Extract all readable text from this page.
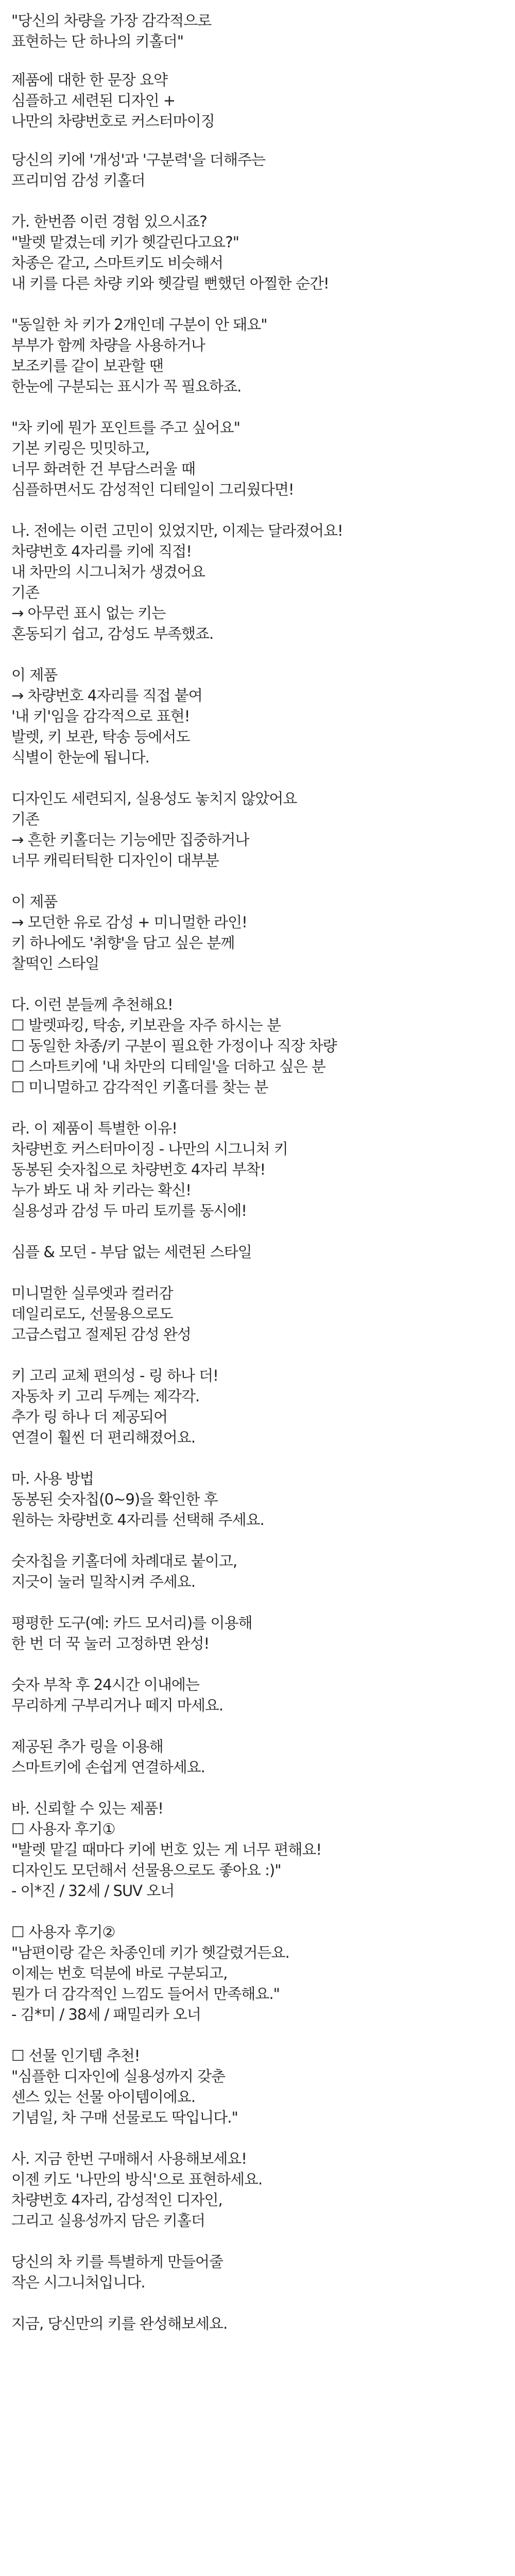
"당신의 차량을 가장 감각적으로
표현하는 단 하나의 키홀더"
제품에 대한 한 문장 요약
심플하고 세련된 디자인 +
나만의 차량번호로 커스터마이징
당신의 키에 '개성'과 '구분력'을 더해주는
프리미엄 감성 키홀더
가. 한번쯤 이런 경험 있으시죠?
"발렛 맡겼는데 키가 헷갈린다고요?"
차종은 같고, 스마트키도 비슷해서
내 키를 다른 차량 키와 헷갈릴 뻔했던 아찔한 순간!
"동일한 차 키가 2개인데 구분이 안 돼요"
부부가 함께 차량을 사용하거나
보조키를 같이 보관할 땐
한눈에 구분되는 표시가 꼭 필요하죠.
"차 키에 뭔가 포인트를 주고 싶어요"
기본 키링은 밋밋하고,
너무 화려한 건 부담스러울 때
심플하면서도 감성적인 디테일이 그리웠다면!
나. 전에는 이런 고민이 있었지만, 이제는 달라졌어요!
차량번호 4자리를 키에 직접!
내 차만의 시그니처가 생겼어요
기존
→ 아무런 표시 없는 키는
혼동되기 쉽고, 감성도 부족했죠.
이 제품
→ 차량번호 4자리를 직접 붙여
'내 키'임을 감각적으로 표현!
발렛, 키 보관, 탁송 등에서도
식별이 한눈에 됩니다.
디자인도 세련되지, 실용성도 놓치지 않았어요
기존
→ 흔한 키홀더는 기능에만 집중하거나
너무 캐릭터틱한 디자인이 대부분
이 제품
→ 모던한 유로 감성 + 미니멀한 라인!
키 하나에도 '취향'을 담고 싶은 분께
찰떡인 스타일
다. 이런 분들께 추천해요!
☐ 발렛파킹, 탁송, 키보관을 자주 하시는 분
☐ 동일한 차종/키 구분이 필요한 가정이나 직장 차량
☐ 스마트키에 '내 차만의 디테일'을 더하고 싶은 분
☐ 미니멀하고 감각적인 키홀더를 찾는 분
라. 이 제품이 특별한 이유!
차량번호 커스터마이징 - 나만의 시그니처 키
동봉된 숫자칩으로 차량번호 4자리 부착!
누가 봐도 내 차 키라는 확신!
실용성과 감성 두 마리 토끼를 동시에!
심플 & 모던 - 부담 없는 세련된 스타일
미니멀한 실루엣과 컬러감
데일리로도, 선물용으로도
고급스럽고 절제된 감성 완성
키 고리 교체 편의성 - 링 하나 더!
자동차 키 고리 두께는 제각각.
추가 링 하나 더 제공되어
연결이 훨씬 더 편리해졌어요.
마. 사용 방법
동봉된 숫자칩(0~9)을 확인한 후
원하는 차량번호 4자리를 선택해 주세요.
숫자칩을 키홀더에 차례대로 붙이고,
지긋이 눌러 밀착시켜 주세요.
평평한 도구(예: 카드 모서리)를 이용해
한 번 더 꾹 눌러 고정하면 완성!
숫자 부착 후 24시간 이내에는
무리하게 구부리거나 떼지 마세요.
제공된 추가 링을 이용해
스마트키에 손쉽게 연결하세요.
바. 신뢰할 수 있는 제품!
☐ 사용자 후기①
"발렛 맡길 때마다 키에 번호 있는 게 너무 편해요!
디자인도 모던해서 선물용으로도 좋아요 :)"
- 이*진 / 32세 / SUV 오너
☐ 사용자 후기②
"남편이랑 같은 차종인데 키가 헷갈렸거든요.
이제는 번호 덕분에 바로 구분되고,
뭔가 더 감각적인 느낌도 들어서 만족해요."
- 김*미 / 38세 / 패밀리카 오너
☐ 선물 인기템 추천!
"심플한 디자인에 실용성까지 갖춘
센스 있는 선물 아이템이에요.
기념일, 차 구매 선물로도 딱입니다."
사. 지금 한번 구매해서 사용해보세요!
이젠 키도 '나만의 방식'으로 표현하세요.
차량번호 4자리, 감성적인 디자인,
그리고 실용성까지 담은 키홀더
당신의 차 키를 특별하게 만들어줄
작은 시그니처입니다.
지금, 당신만의 키를 완성해보세요.
